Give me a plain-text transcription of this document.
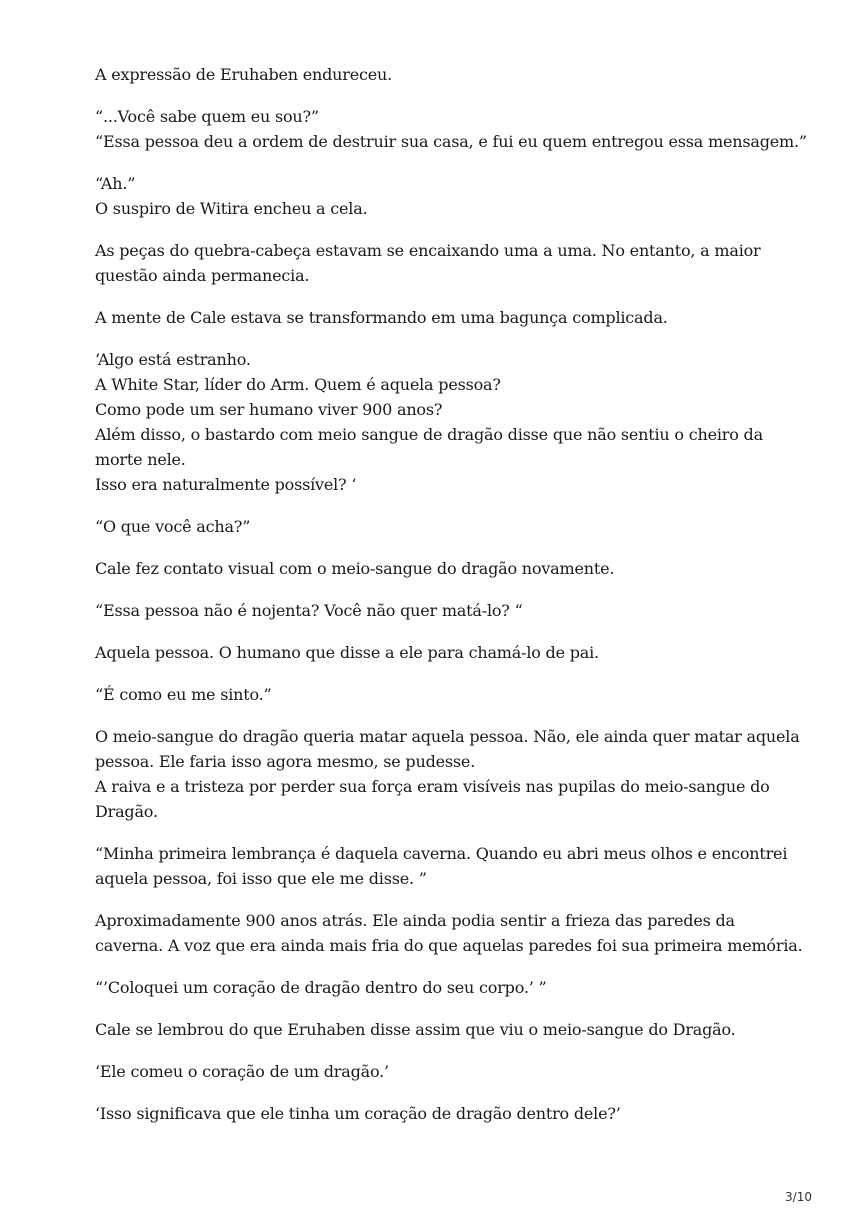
A expressão de Eruhaben endureceu.

“...Você sabe quem eu sou?”
“Essa pessoa deu a ordem de destruir sua casa, e fui eu quem entregou essa mensagem.”

“Ah.”
O suspiro de Witira encheu a cela.

As peças do quebra-cabeça estavam se encaixando uma a uma. No entanto, a maior
questão ainda permanecia.

A mente de Cale estava se transformando em uma bagunça complicada.

‘Algo está estranho.
A White Star, líder do Arm. Quem é aquela pessoa?
Como pode um ser humano viver 900 anos?
Além disso, o bastardo com meio sangue de dragão disse que não sentiu o cheiro da
morte nele.
Isso era naturalmente possível? ‘

“O que você acha?”

Cale fez contato visual com o meio-sangue do dragão novamente.

“Essa pessoa não é nojenta? Você não quer matá-lo? “

Aquela pessoa. O humano que disse a ele para chamá-lo de pai.

“É como eu me sinto.”

O meio-sangue do dragão queria matar aquela pessoa. Não, ele ainda quer matar aquela
pessoa. Ele faria isso agora mesmo, se pudesse.
A raiva e a tristeza por perder sua força eram visíveis nas pupilas do meio-sangue do
Dragão.

“Minha primeira lembrança é daquela caverna. Quando eu abri meus olhos e encontrei
aquela pessoa, foi isso que ele me disse. ”

Aproximadamente 900 anos atrás. Ele ainda podia sentir a frieza das paredes da
caverna. A voz que era ainda mais fria do que aquelas paredes foi sua primeira memória.

“’Coloquei um coração de dragão dentro do seu corpo.’ ”

Cale se lembrou do que Eruhaben disse assim que viu o meio-sangue do Dragão.

‘Ele comeu o coração de um dragão.’

‘Isso significava que ele tinha um coração de dragão dentro dele?’

3/10
